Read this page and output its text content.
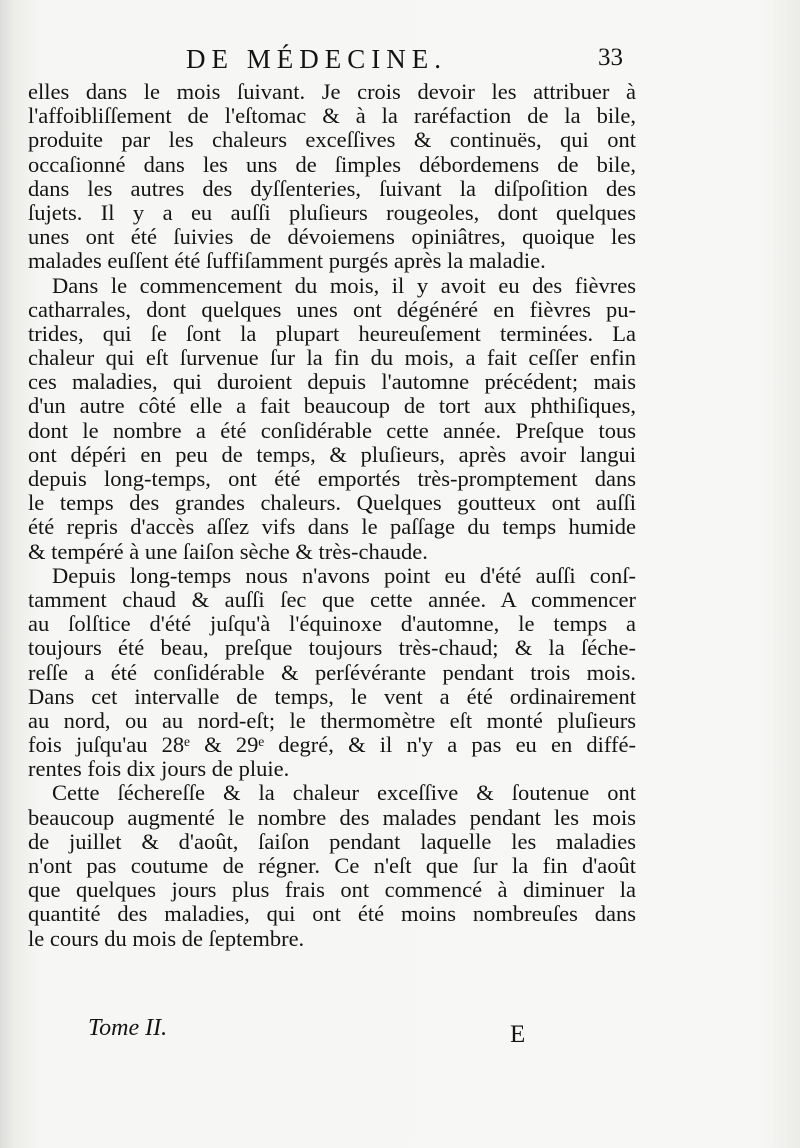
DE MÉDECINE.	33
elles dans le mois ſuivant. Je crois devoir les attribuer à
l'affoibliſſement de l'eſtomac & à la raréfaction de la bile,
produite par les chaleurs exceſſives & continuës, qui ont
occaſionné dans les uns de ſimples débordemens de bile,
dans les autres des dyſſenteries, ſuivant la diſpoſition des
ſujets. Il y a eu auſſi pluſieurs rougeoles, dont quelques
unes ont été ſuivies de dévoiemens opiniâtres, quoique les
malades euſſent été ſuffiſamment purgés après la maladie.
Dans le commencement du mois, il y avoit eu des fièvres
catharrales, dont quelques unes ont dégénéré en fièvres pu-
trides, qui ſe ſont la plupart heureuſement terminées. La
chaleur qui eſt ſurvenue ſur la fin du mois, a fait ceſſer enfin
ces maladies, qui duroient depuis l'automne précédent; mais
d'un autre côté elle a fait beaucoup de tort aux phthiſiques,
dont le nombre a été conſidérable cette année. Preſque tous
ont dépéri en peu de temps, & pluſieurs, après avoir langui
depuis long-temps, ont été emportés très-promptement dans
le temps des grandes chaleurs. Quelques goutteux ont auſſi
été repris d'accès aſſez vifs dans le paſſage du temps humide
& tempéré à une ſaiſon sèche & très-chaude.
Depuis long-temps nous n'avons point eu d'été auſſi conſ-
tamment chaud & auſſi ſec que cette année. A commencer
au ſolſtice d'été juſqu'à l'équinoxe d'automne, le temps a
toujours été beau, preſque toujours très-chaud; & la ſéche-
reſſe a été conſidérable & perſévérante pendant trois mois.
Dans cet intervalle de temps, le vent a été ordinairement
au nord, ou au nord-eſt; le thermomètre eſt monté pluſieurs
fois juſqu'au 28ᵉ & 29ᵉ degré, & il n'y a pas eu en diffé-
rentes fois dix jours de pluie.
Cette ſéchereſſe & la chaleur exceſſive & ſoutenue ont
beaucoup augmenté le nombre des malades pendant les mois
de juillet & d'août, ſaiſon pendant laquelle les maladies
n'ont pas coutume de régner. Ce n'eſt que ſur la fin d'août
que quelques jours plus frais ont commencé à diminuer la
quantité des maladies, qui ont été moins nombreuſes dans
le cours du mois de ſeptembre.
Tome II.	E
